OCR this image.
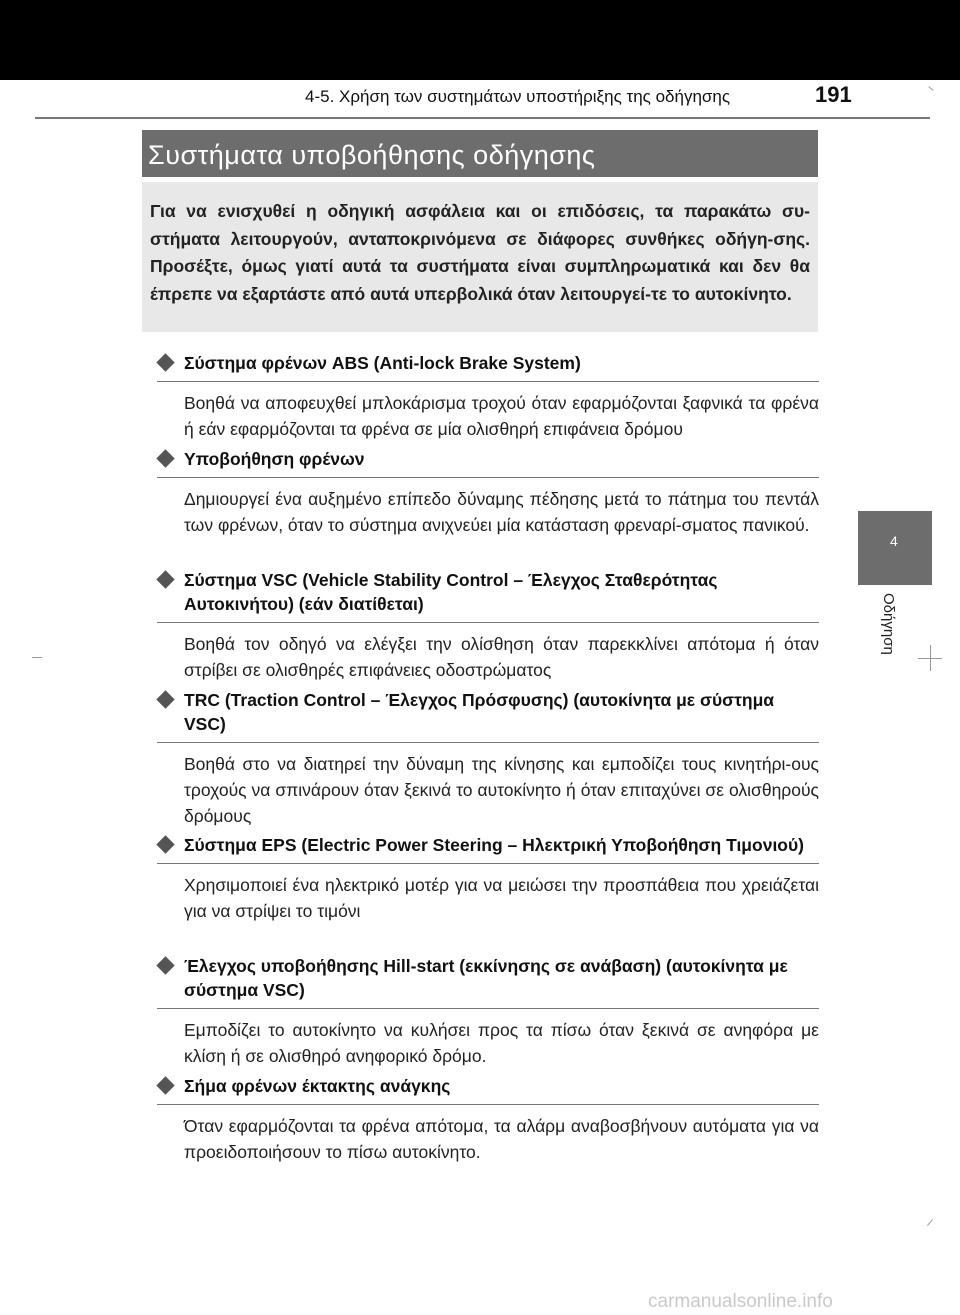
4-5. Χρήση των συστημάτων υποστήριξης της οδήγησης	191
Συστήματα υποβοήθησης οδήγησης
Για να ενισχυθεί η οδηγική ασφάλεια και οι επιδόσεις, τα παρακάτω συ-στήματα λειτουργούν, ανταποκρινόμενα σε διάφορες συνθήκες οδήγη-σης. Προσέξτε, όμως γιατί αυτά τα συστήματα είναι συμπληρωματικά και δεν θα έπρεπε να εξαρτάστε από αυτά υπερβολικά όταν λειτουργεί-τε το αυτοκίνητο.
Σύστημα φρένων ABS (Anti-lock Brake System)
Βοηθά να αποφευχθεί μπλοκάρισμα τροχού όταν εφαρμόζονται ξαφνικά τα φρένα ή εάν εφαρμόζονται τα φρένα σε μία ολισθηρή επιφάνεια δρόμου
Υποβοήθηση φρένων
Δημιουργεί ένα αυξημένο επίπεδο δύναμης πέδησης μετά το πάτημα του πεντάλ των φρένων, όταν το σύστημα ανιχνεύει μία κατάσταση φρεναρί-σματος πανικού.
Σύστημα VSC (Vehicle Stability Control – Έλεγχος Σταθερότητας Αυτοκινήτου) (εάν διατίθεται)
Βοηθά τον οδηγό να ελέγξει την ολίσθηση όταν παρεκκλίνει απότομα ή όταν στρίβει σε ολισθηρές επιφάνειες οδοστρώματος
TRC (Traction Control – Έλεγχος Πρόσφυσης) (αυτοκίνητα με σύστημα VSC)
Βοηθά στο να διατηρεί την δύναμη της κίνησης και εμποδίζει τους κινητήρι-ους τροχούς να σπινάρουν όταν ξεκινά το αυτοκίνητο ή όταν επιταχύνει σε ολισθηρούς δρόμους
Σύστημα EPS (Electric Power Steering – Ηλεκτρική Υποβοήθηση Τιμονιού)
Χρησιμοποιεί ένα ηλεκτρικό μοτέρ για να μειώσει την προσπάθεια που χρειάζεται για να στρίψει το τιμόνι
Έλεγχος υποβοήθησης Hill-start (εκκίνησης σε ανάβαση) (αυτοκίνητα με σύστημα VSC)
Εμποδίζει το αυτοκίνητο να κυλήσει προς τα πίσω όταν ξεκινά σε ανηφόρα με κλίση ή σε ολισθηρό ανηφορικό δρόμο.
Σήμα φρένων έκτακτης ανάγκης
Όταν εφαρμόζονται τα φρένα απότομα, τα αλάρμ αναβοσβήνουν αυτόματα για να προειδοποιήσουν το πίσω αυτοκίνητο.
4
Οδήγηση
carmanualsonline.info
